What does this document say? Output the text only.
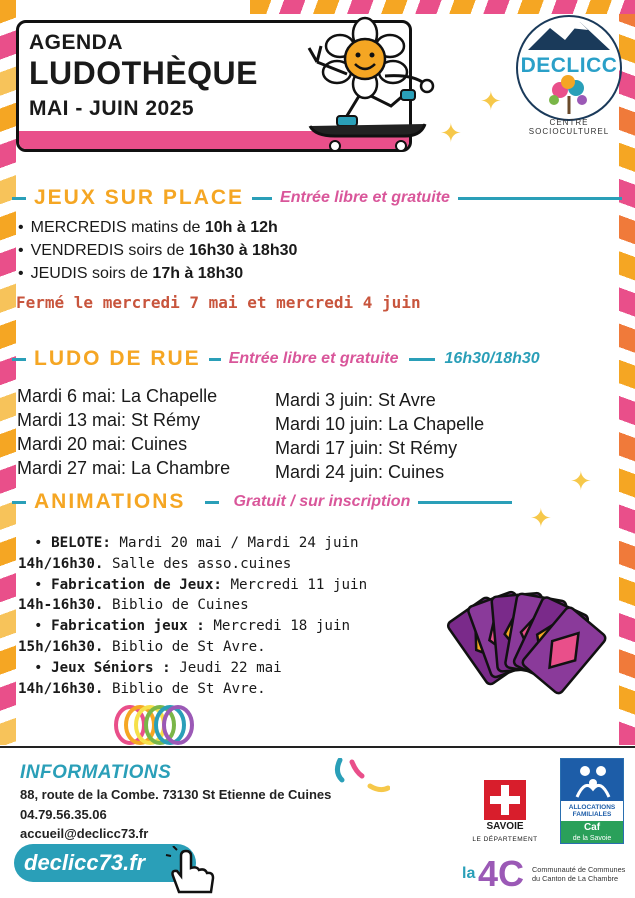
AGENDA
LUDOTHÈQUE
MAI - JUIN 2025
DECLICC
CENTRE SOCIOCULTUREL
✦
✦
✦
✦
JEUX SUR PLACE Entrée libre et gratuite
• MERCREDIS matins de 10h à 12h
• VENDREDIS soirs de 16h30 à 18h30
• JEUDIS soirs de 17h à 18h30
Fermé le mercredi 7 mai et mercredi 4 juin
LUDO DE RUE Entrée libre et gratuite	16h30/18h30
Mardi 6 mai: La Chapelle
Mardi 13 mai: St Rémy
Mardi 20 mai: Cuines
Mardi 27 mai: La Chambre
Mardi 3 juin: St Avre
Mardi 10 juin: La Chapelle
Mardi 17 juin: St Rémy
Mardi 24 juin: Cuines
ANIMATIONS	Gratuit / sur inscription
• BELOTE: Mardi 20 mai / Mardi 24 juin
14h/16h30. Salle des asso.cuines
• Fabrication de Jeux: Mercredi 11 juin
14h-16h30. Biblio de Cuines
• Fabrication jeux : Mercredi 18 juin
15h/16h30. Biblio de St Avre.
• Jeux Séniors : Jeudi 22 mai
14h/16h30. Biblio de St Avre.
INFORMATIONS
88, route de la Combe. 73130 St Etienne de Cuines
04.79.56.35.06
accueil@declicc73.fr
declicc73.fr
SAVOIE
LE DÉPARTEMENT
ALLOCATIONS
FAMILIALES
Caf
de la Savoie
la 4C Communauté de Communes
du Canton de La Chambre
